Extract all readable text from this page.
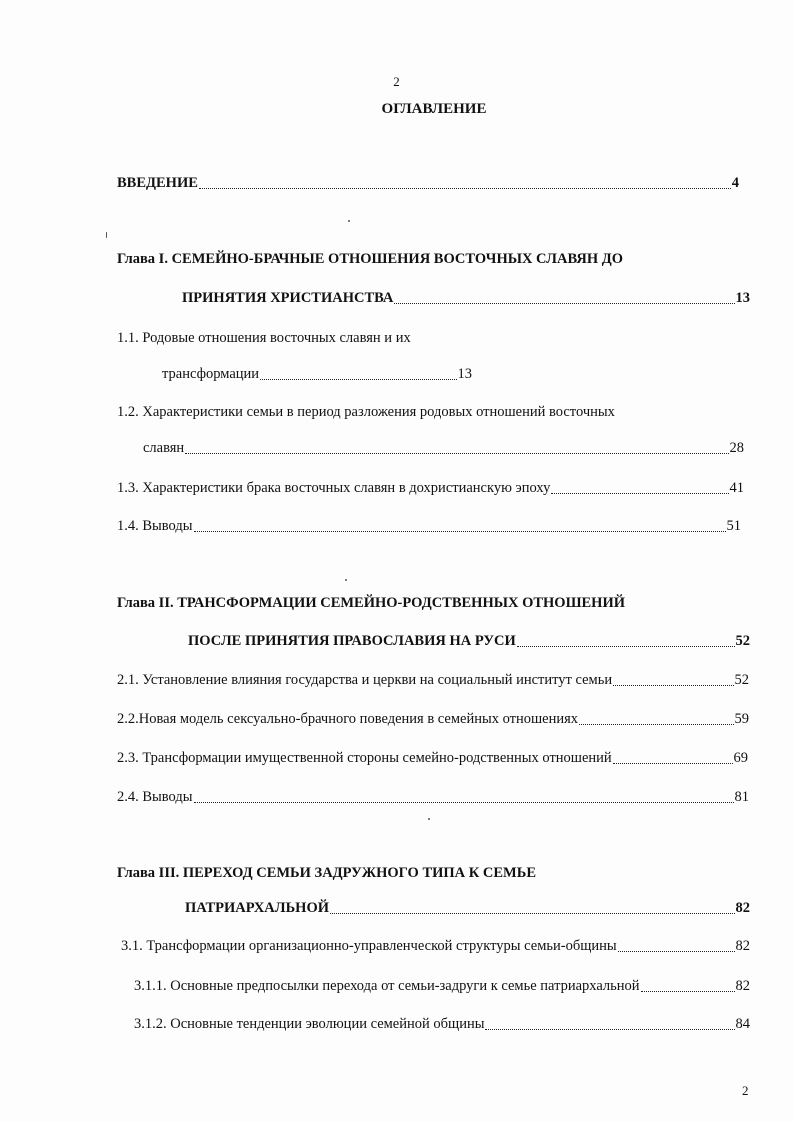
2
ОГЛАВЛЕНИЕ
ВВЕДЕНИЕ	4
Глава I. СЕМЕЙНО-БРАЧНЫЕ ОТНОШЕНИЯ ВОСТОЧНЫХ СЛАВЯН ДО
ПРИНЯТИЯ ХРИСТИАНСТВА	13
1.1. Родовые отношения восточных славян и их
трансформации	13
1.2. Характеристики семьи в период разложения родовых отношений восточных
славян	28
1.3. Характеристики брака восточных славян в дохристианскую эпоху	41
1.4. Выводы	51
Глава II. ТРАНСФОРМАЦИИ СЕМЕЙНО-РОДСТВЕННЫХ ОТНОШЕНИЙ
ПОСЛЕ ПРИНЯТИЯ ПРАВОСЛАВИЯ НА РУСИ	52
2.1. Установление влияния государства и церкви на социальный институт семьи	52
2.2.Новая модель сексуально-брачного поведения в семейных отношениях	59
2.3. Трансформации имущественной стороны семейно-родственных отношений	69
2.4. Выводы	81
Глава III. ПЕРЕХОД СЕМЬИ ЗАДРУЖНОГО ТИПА К СЕМЬЕ
ПАТРИАРХАЛЬНОЙ	82
3.1. Трансформации организационно-управленческой структуры семьи-общины	82
3.1.1. Основные предпосылки перехода от семьи-задруги к семье патриархальной	82
3.1.2. Основные тенденции эволюции семейной общины	84
2
